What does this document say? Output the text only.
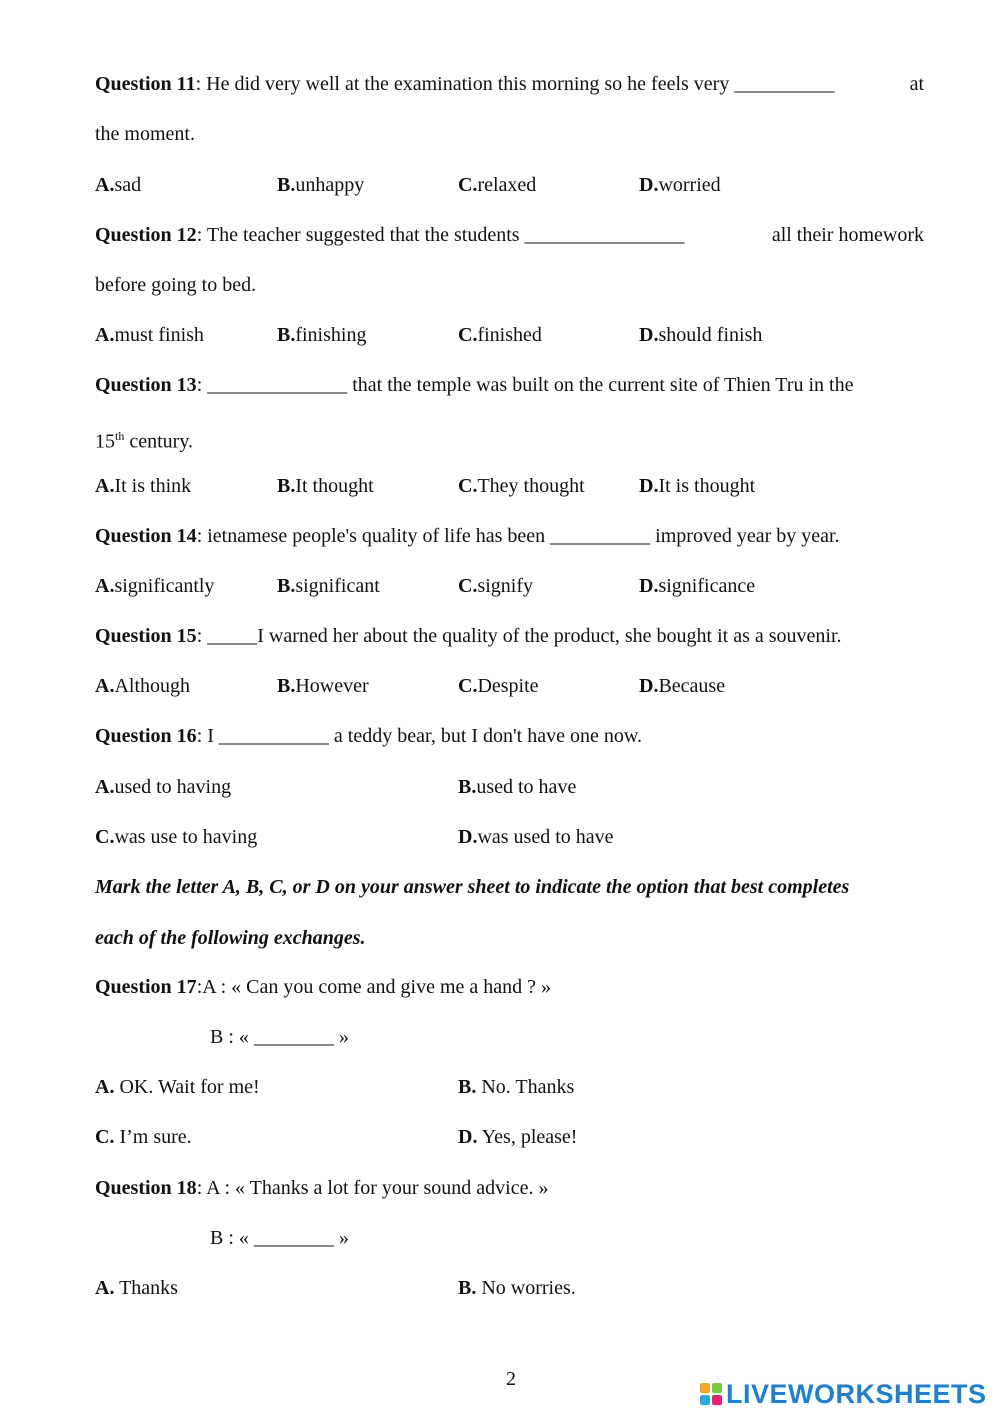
Question 11: He did very well at the examination this morning so he feels very __________	at
the moment.
A.sad	B.unhappy	C.relaxed	D.worried
Question 12: The teacher suggested that the students ________________	all their homework
before going to bed.
A.must finish	B.finishing	C.finished	D.should finish
Question 13: ______________ that the temple was built on the current site of Thien Tru in the
15th century.
A.It is think	B.It thought	C.They thought	D.It is thought
Question 14: ietnamese people's quality of life has been __________ improved year by year.
A.significantly	B.significant	C.signify	D.significance
Question 15: _____I warned her about the quality of the product, she bought it as a souvenir.
A.Although	B.However	C.Despite	D.Because
Question 16: I ___________ a teddy bear, but I don't have one now.
A.used to having	B.used to have
C.was use to having	D.was used to have
Mark the letter A, B, C, or D on your answer sheet to indicate the option that best completes
each of the following exchanges.
Question 17:A : « Can you come and give me a hand ? »
B : « ________ »
A. OK. Wait for me!	B. No. Thanks
C. I’m sure.	D. Yes, please!
Question 18: A : « Thanks a lot for your sound advice. »
B : « ________ »
A. Thanks	B. No worries.
2	LIVEWORKSHEETS
